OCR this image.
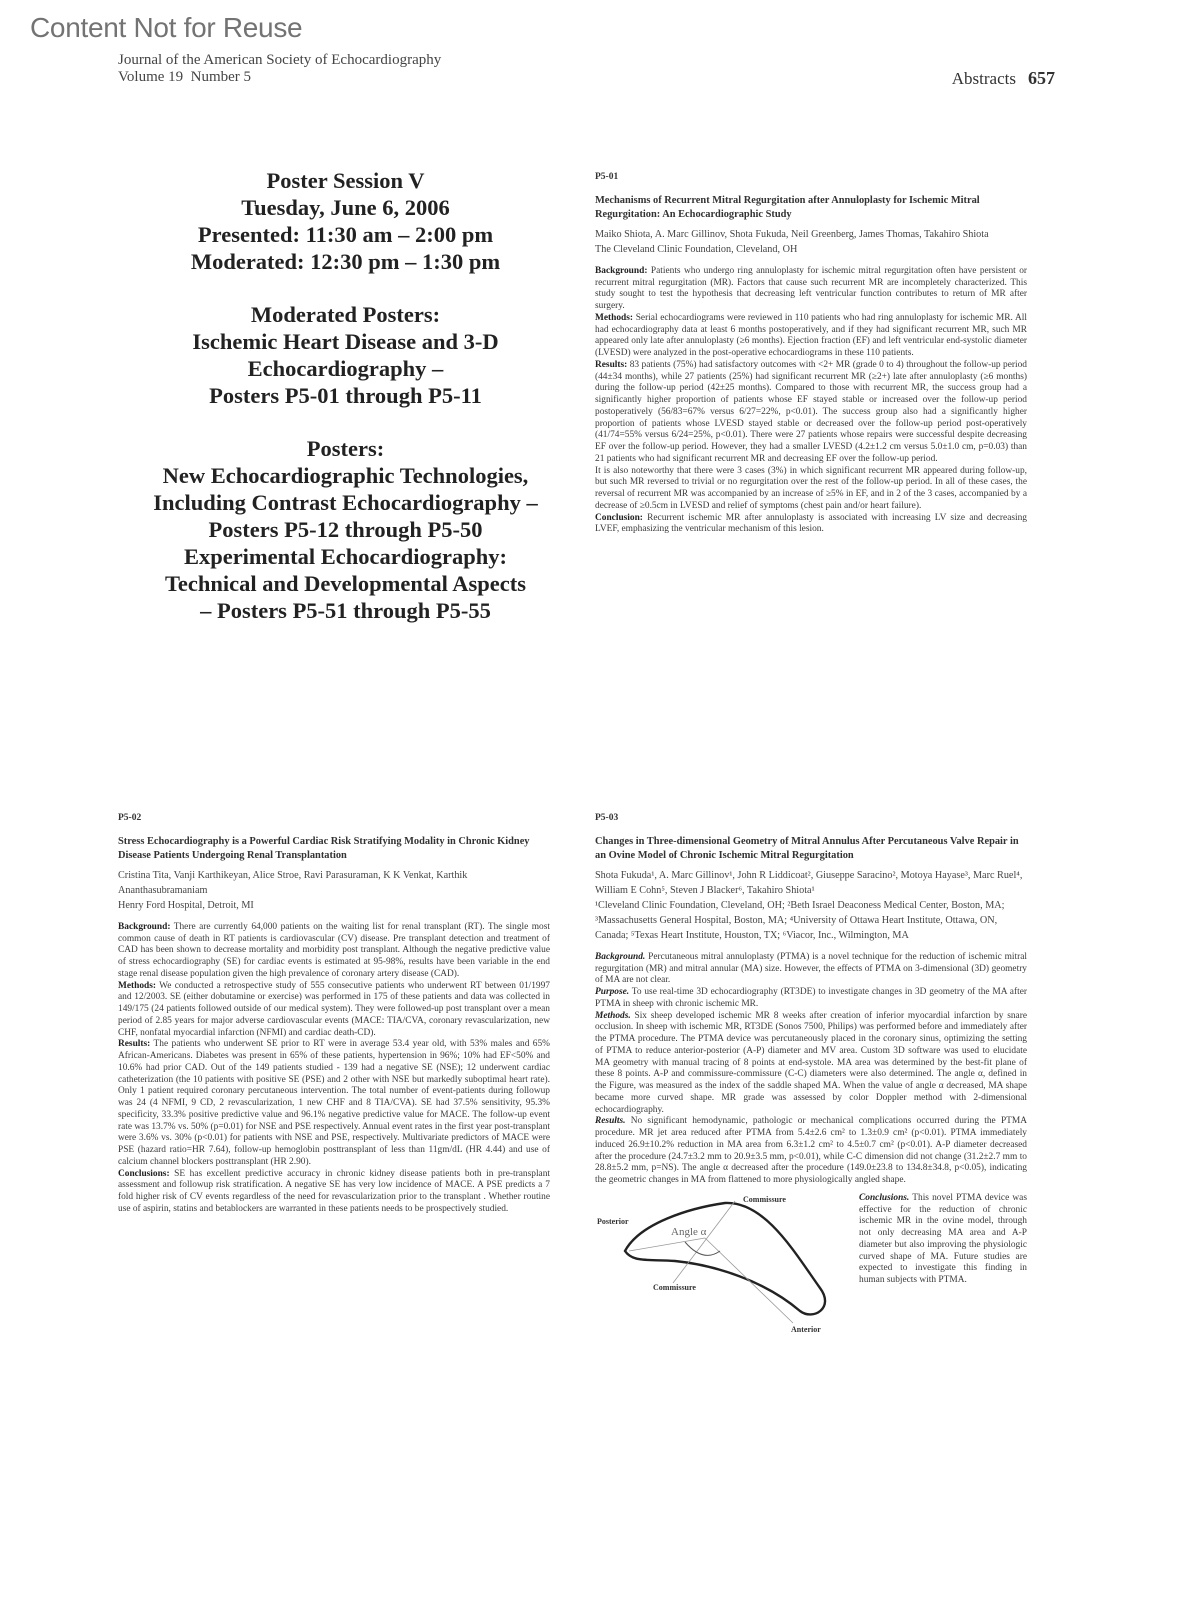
Content Not for Reuse
Journal of the American Society of Echocardiography
Volume 19  Number 5	Abstracts 657
Poster Session V
Tuesday, June 6, 2006
Presented: 11:30 am – 2:00 pm
Moderated: 12:30 pm – 1:30 pm
Moderated Posters:
Ischemic Heart Disease and 3-D
Echocardiography –
Posters P5-01 through P5-11
Posters:
New Echocardiographic Technologies,
Including Contrast Echocardiography –
Posters P5-12 through P5-50
Experimental Echocardiography:
Technical and Developmental Aspects
– Posters P5-51 through P5-55
P5-01
Mechanisms of Recurrent Mitral Regurgitation after Annuloplasty for Ischemic Mitral Regurgitation: An Echocardiographic Study
Maiko Shiota, A. Marc Gillinov, Shota Fukuda, Neil Greenberg, James Thomas, Takahiro Shiota
The Cleveland Clinic Foundation, Cleveland, OH

Background: Patients who undergo ring annuloplasty for ischemic mitral regurgitation often have persistent or recurrent mitral regurgitation (MR). Factors that cause such recurrent MR are incompletely characterized. This study sought to test the hypothesis that decreasing left ventricular function contributes to return of MR after surgery.

Methods: Serial echocardiograms were reviewed in 110 patients who had ring annuloplasty for ischemic MR. All had echocardiography data at least 6 months postoperatively, and if they had significant recurrent MR, such MR appeared only late after annuloplasty (≥6 months). Ejection fraction (EF) and left ventricular end-systolic diameter (LVESD) were analyzed in the post-operative echocardiograms in these 110 patients.

Results: 83 patients (75%) had satisfactory outcomes with <2+ MR (grade 0 to 4) throughout the follow-up period (44±34 months), while 27 patients (25%) had significant recurrent MR (≥2+) late after annuloplasty (≥6 months) during the follow-up period (42±25 months). Compared to those with recurrent MR, the success group had a significantly higher proportion of patients whose EF stayed stable or increased over the follow-up period postoperatively (56/83=67% versus 6/27=22%, p<0.01). The success group also had a significantly higher proportion of patients whose LVESD stayed stable or decreased over the follow-up period post-operatively (41/74=55% versus 6/24=25%, p<0.01). There were 27 patients whose repairs were successful despite decreasing EF over the follow-up period. However, they had a smaller LVESD (4.2±1.2 cm versus 5.0±1.0 cm, p=0.03) than 21 patients who had significant recurrent MR and decreasing EF over the follow-up period.

It is also noteworthy that there were 3 cases (3%) in which significant recurrent MR appeared during follow-up, but such MR reversed to trivial or no regurgitation over the rest of the follow-up period. In all of these cases, the reversal of recurrent MR was accompanied by an increase of ≥5% in EF, and in 2 of the 3 cases, accompanied by a decrease of ≥0.5cm in LVESD and relief of symptoms (chest pain and/or heart failure).

Conclusion: Recurrent ischemic MR after annuloplasty is associated with increasing LV size and decreasing LVEF, emphasizing the ventricular mechanism of this lesion.

P5-02
Stress Echocardiography is a Powerful Cardiac Risk Stratifying Modality in Chronic Kidney Disease Patients Undergoing Renal Transplantation
Cristina Tita, Vanji Karthikeyan, Alice Stroe, Ravi Parasuraman, K K Venkat, Karthik Ananthasubramaniam
Henry Ford Hospital, Detroit, MI

Background: There are currently 64,000 patients on the waiting list for renal transplant (RT). The single most common cause of death in RT patients is cardiovascular (CV) disease. Pre transplant detection and treatment of CAD has been shown to decrease mortality and morbidity post transplant. Although the negative predictive value of stress echocardiography (SE) for cardiac events is estimated at 95-98%, results have been variable in the end stage renal disease population given the high prevalence of coronary artery disease (CAD).

Methods: We conducted a retrospective study of 555 consecutive patients who underwent RT between 01/1997 and 12/2003. SE (either dobutamine or exercise) was performed in 175 of these patients and data was collected in 149/175 (24 patients followed outside of our medical system). They were followed-up post transplant over a mean period of 2.85 years for major adverse cardiovascular events (MACE: TIA/CVA, coronary revascularization, new CHF, nonfatal myocardial infarction (NFMI) and cardiac death-CD).

Results: The patients who underwent SE prior to RT were in average 53.4 year old, with 53% males and 65% African-Americans. Diabetes was present in 65% of these patients, hypertension in 96%; 10% had EF<50% and 10.6% had prior CAD. Out of the 149 patients studied - 139 had a negative SE (NSE); 12 underwent cardiac catheterization (the 10 patients with positive SE (PSE) and 2 other with NSE but markedly suboptimal heart rate). Only 1 patient required coronary percutaneous intervention. The total number of event-patients during followup was 24 (4 NFMI, 9 CD, 2 revascularization, 1 new CHF and 8 TIA/CVA). SE had 37.5% sensitivity, 95.3% specificity, 33.3% positive predictive value and 96.1% negative predictive value for MACE. The follow-up event rate was 13.7% vs. 50% (p=0.01) for NSE and PSE respectively. Annual event rates in the first year post-transplant were 3.6% vs. 30% (p<0.01) for patients with NSE and PSE, respectively. Multivariate predictors of MACE were PSE (hazard ratio=HR 7.64), follow-up hemoglobin posttransplant of less than 11gm/dL (HR 4.44) and use of calcium channel blockers posttransplant (HR 2.90).

Conclusions: SE has excellent predictive accuracy in chronic kidney disease patients both in pre-transplant assessment and followup risk stratification. A negative SE has very low incidence of MACE. A PSE predicts a 7 fold higher risk of CV events regardless of the need for revascularization prior to the transplant . Whether routine use of aspirin, statins and betablockers are warranted in these patients needs to be prospectively studied.

P5-03
Changes in Three-dimensional Geometry of Mitral Annulus After Percutaneous Valve Repair in an Ovine Model of Chronic Ischemic Mitral Regurgitation
Shota Fukuda¹, A. Marc Gillinov¹, John R Liddicoat², Giuseppe Saracino², Motoya Hayase³, Marc Ruel⁴, William E Cohn⁵, Steven J Blacker⁶, Takahiro Shiota¹
¹Cleveland Clinic Foundation, Cleveland, OH; ²Beth Israel Deaconess Medical Center, Boston, MA; ³Massachusetts General Hospital, Boston, MA; ⁴University of Ottawa Heart Institute, Ottawa, ON, Canada; ⁵Texas Heart Institute, Houston, TX; ⁶Viacor, Inc., Wilmington, MA

Background. Percutaneous mitral annuloplasty (PTMA) is a novel technique for the reduction of ischemic mitral regurgitation (MR) and mitral annular (MA) size. However, the effects of PTMA on 3-dimensional (3D) geometry of MA are not clear.

Purpose. To use real-time 3D echocardiography (RT3DE) to investigate changes in 3D geometry of the MA after PTMA in sheep with chronic ischemic MR.

Methods. Six sheep developed ischemic MR 8 weeks after creation of inferior myocardial infarction by snare occlusion. In sheep with ischemic MR, RT3DE (Sonos 7500, Philips) was performed before and immediately after the PTMA procedure. The PTMA device was percutaneously placed in the coronary sinus, optimizing the setting of PTMA to reduce anterior-posterior (A-P) diameter and MV area. Custom 3D software was used to elucidate MA geometry with manual tracing of 8 points at end-systole. MA area was determined by the best-fit plane of these 8 points. A-P and commissure-commissure (C-C) diameters were also determined. The angle α, defined in the Figure, was measured as the index of the saddle shaped MA. When the value of angle α decreased, MA shape became more curved shape. MR grade was assessed by color Doppler method with 2-dimensional echocardiography.

Results. No significant hemodynamic, pathologic or mechanical complications occurred during the PTMA procedure. MR jet area reduced after PTMA from 5.4±2.6 cm² to 1.3±0.9 cm² (p<0.01). PTMA immediately induced 26.9±10.2% reduction in MA area from 6.3±1.2 cm² to 4.5±0.7 cm² (p<0.01). A-P diameter decreased after the procedure (24.7±3.2 mm to 20.9±3.5 mm, p<0.01), while C-C dimension did not change (31.2±2.7 mm to 28.8±5.2 mm, p=NS). The angle α decreased after the procedure (149.0±23.8 to 134.8±34.8, p<0.05), indicating the geometric changes in MA from flattened to more physiologically angled shape.

Commissure
Posterior
Angle α
Commissure
Anterior
Conclusions. This novel PTMA device was effective for the reduction of chronic ischemic MR in the ovine model, through not only decreasing MA area and A-P diameter but also improving the physiologic curved shape of MA. Future studies are expected to investigate this finding in human subjects with PTMA.
